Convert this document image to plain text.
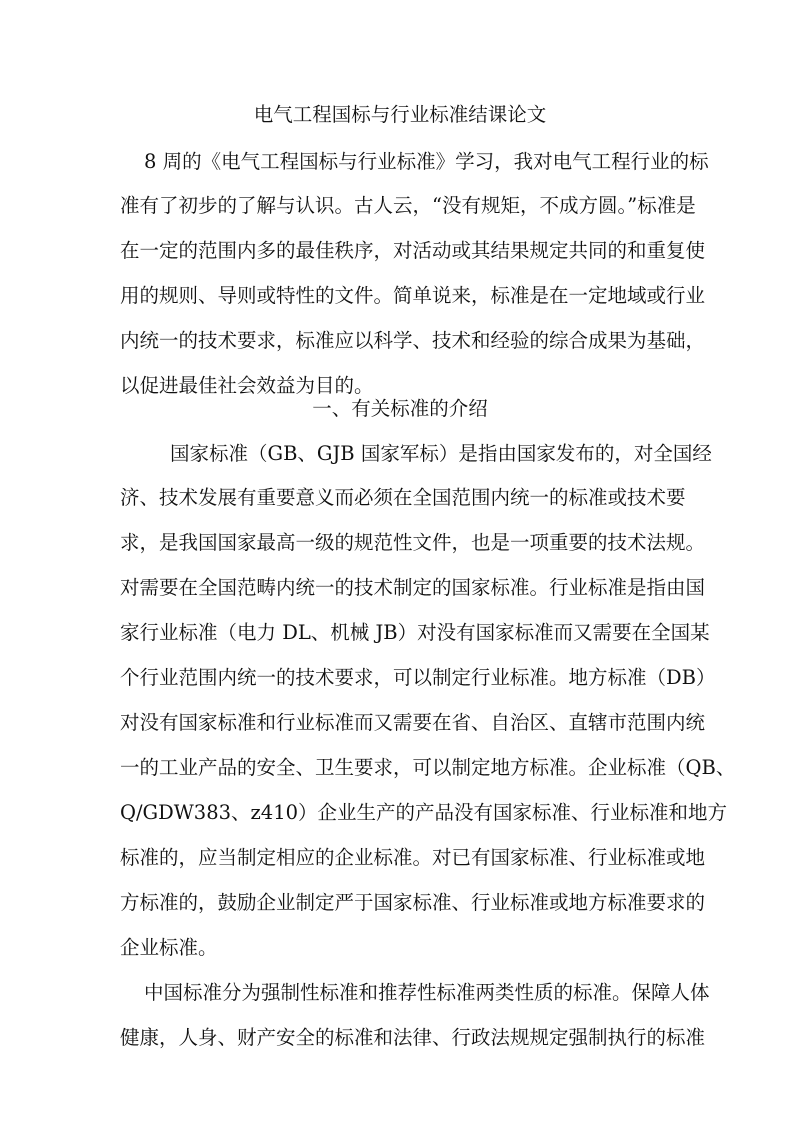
电气工程国标与行业标准结课论文
8 周的《电气工程国标与行业标准》学习，我对电气工程行业的标
准有了初步的了解与认识。古人云，“没有规矩，不成方圆。”标准是
在一定的范围内多的最佳秩序，对活动或其结果规定共同的和重复使
用的规则、导则或特性的文件。简单说来，标准是在一定地域或行业
内统一的技术要求，标准应以科学、技术和经验的综合成果为基础，
以促进最佳社会效益为目的。
一、有关标准的介绍
国家标准（GB、GJB 国家军标）是指由国家发布的，对全国经
济、技术发展有重要意义而必须在全国范围内统一的标准或技术要
求，是我国国家最高一级的规范性文件，也是一项重要的技术法规。
对需要在全国范畴内统一的技术制定的国家标准。行业标准是指由国
家行业标准（电力 DL、机械 JB）对没有国家标准而又需要在全国某
个行业范围内统一的技术要求，可以制定行业标准。地方标准（DB）
对没有国家标准和行业标准而又需要在省、自治区、直辖市范围内统
一的工业产品的安全、卫生要求，可以制定地方标准。企业标准（QB、
Q/GDW383、z410）企业生产的产品没有国家标准、行业标准和地方
标准的，应当制定相应的企业标准。对已有国家标准、行业标准或地
方标准的，鼓励企业制定严于国家标准、行业标准或地方标准要求的
企业标准。
中国标准分为强制性标准和推荐性标准两类性质的标准。保障人体
健康，人身、财产安全的标准和法律、行政法规规定强制执行的标准
